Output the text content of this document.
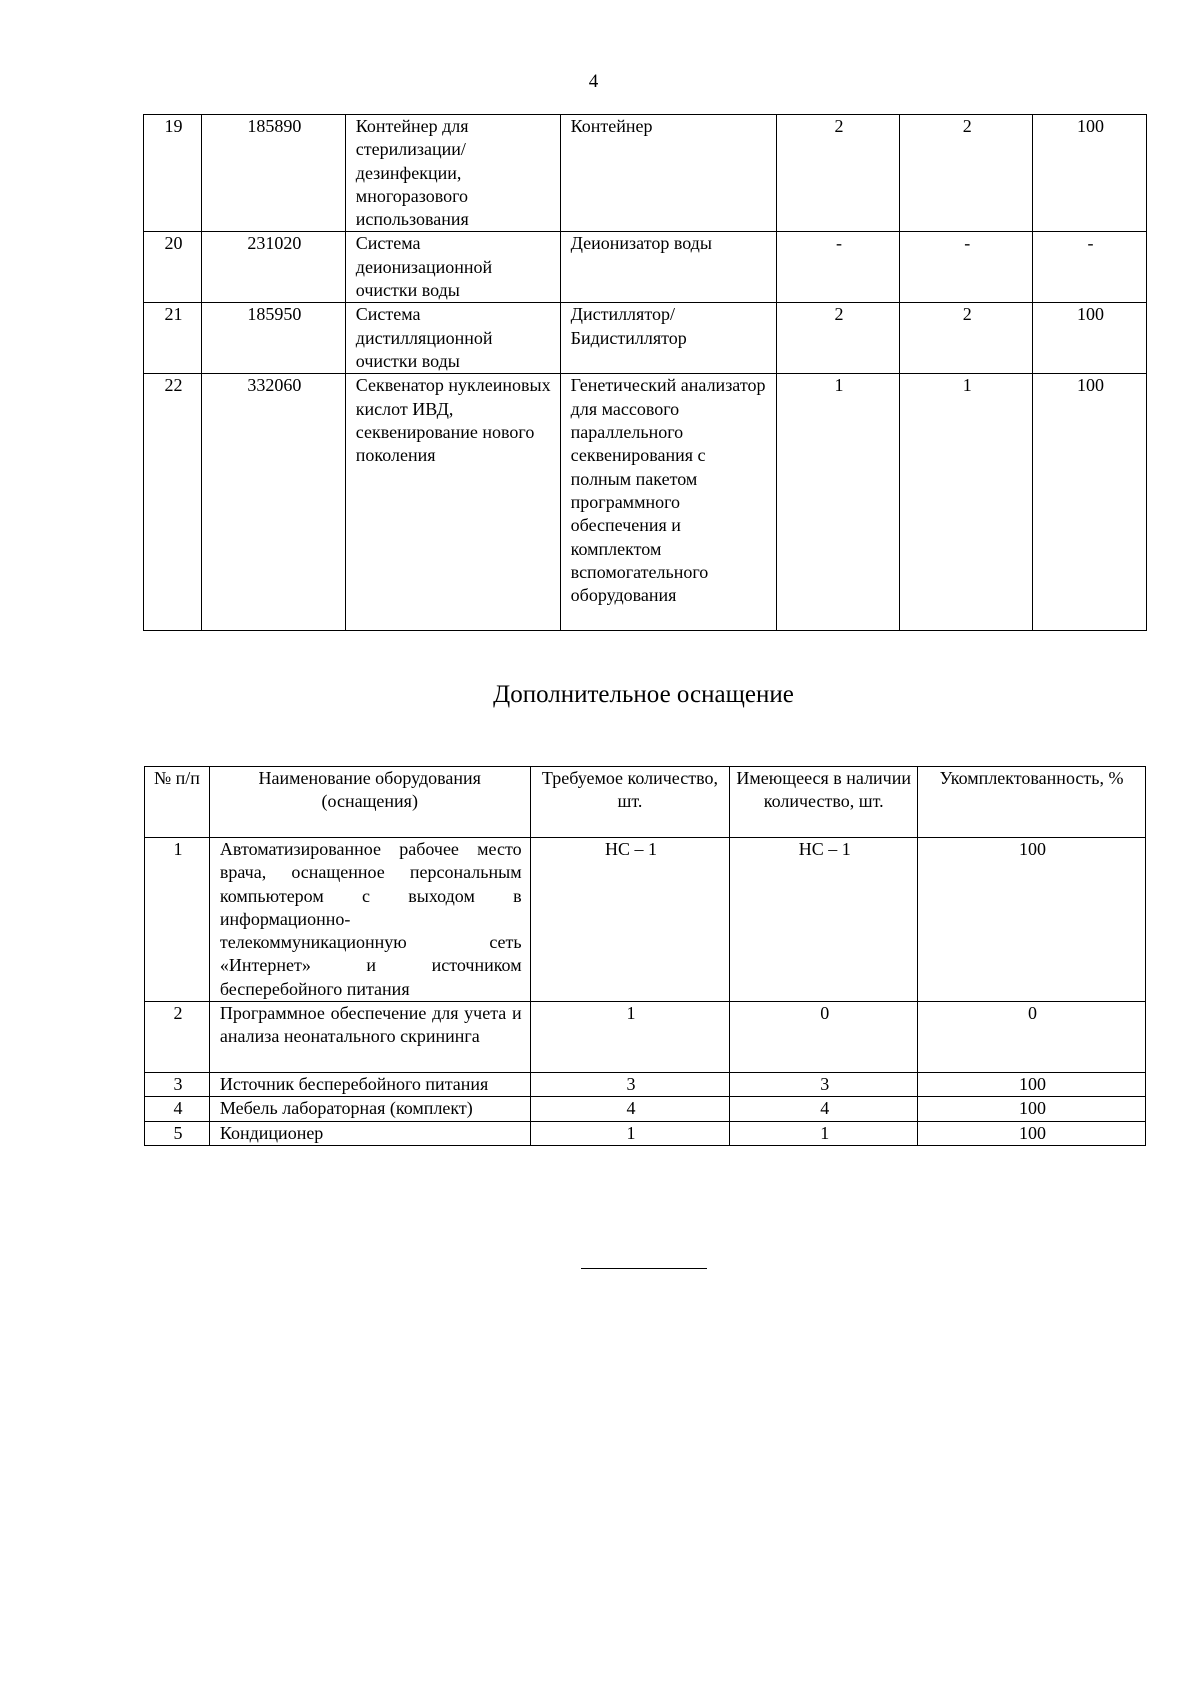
4
19	185890	Контейнер для стерилизации/ дезинфекции, многоразового использования	Контейнер	2	2	100
20	231020	Система деионизационной очистки воды	Деионизатор воды	-	-	-
21	185950	Система дистилляционной очистки воды	Дистиллятор/ Бидистиллятор	2	2	100
22	332060	Секвенатор нуклеиновых кислот ИВД, секвенирование нового поколения	Генетический анализатор для массового параллельного секвенирования с полным пакетом программного обеспечения и комплектом вспомогательного оборудования	1	1	100
Дополнительное оснащение
№ п/п	Наименование оборудования (оснащения)	Требуемое количество, шт.	Имеющееся в наличии количество, шт.	Укомплектованность, %
1	Автоматизированное рабочее место врача, оснащенное персональным компьютером с выходом в информационно-телекоммуникационную сеть «Интернет» и источником бесперебойного питания	НС – 1	НС – 1	100
2	Программное обеспечение для учета и анализа неонатального скрининга	1	0	0
3	Источник бесперебойного питания	3	3	100
4	Мебель лабораторная (комплект)	4	4	100
5	Кондиционер	1	1	100
